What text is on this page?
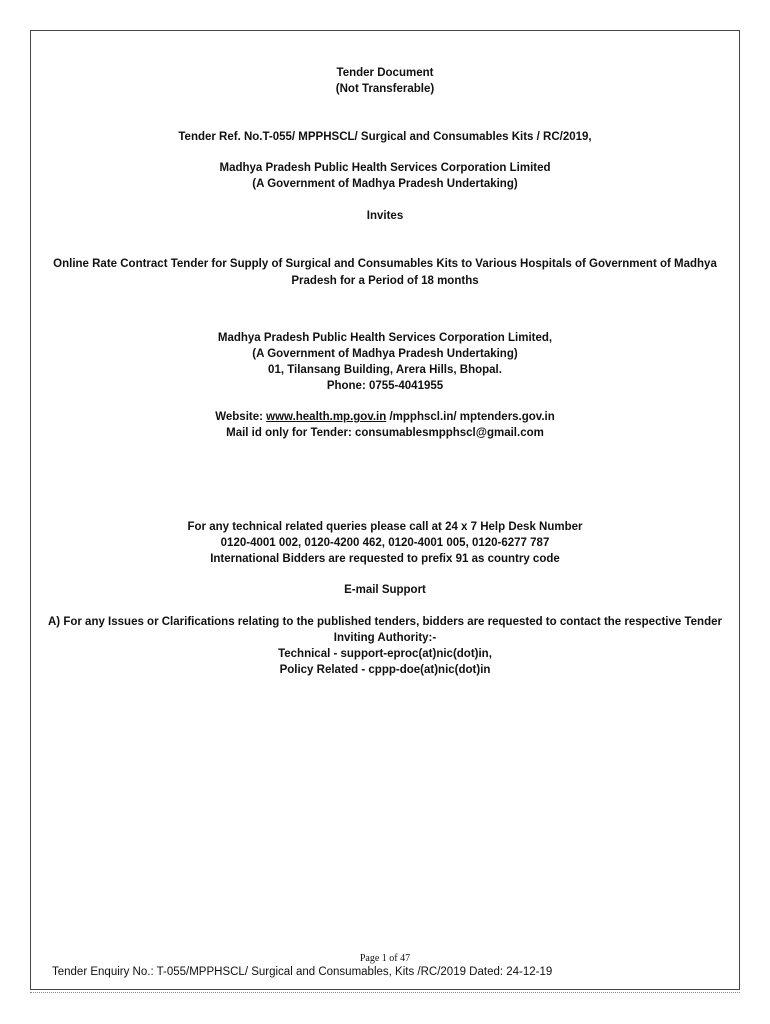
Tender Document
(Not Transferable)
Tender Ref. No.T-055/ MPPHSCL/ Surgical and Consumables Kits / RC/2019,
Madhya Pradesh Public Health Services Corporation Limited
(A Government of Madhya Pradesh Undertaking)
Invites
Online Rate Contract Tender for Supply of Surgical and Consumables Kits to Various Hospitals of Government of Madhya
Pradesh for a Period of 18 months
Madhya Pradesh Public Health Services Corporation Limited,
(A Government of Madhya Pradesh Undertaking)
01, Tilansang Building, Arera Hills, Bhopal.
Phone: 0755-4041955
Website: www.health.mp.gov.in /mpphscl.in/ mptenders.gov.in
Mail id only for Tender: consumablesmpphscl@gmail.com
For any technical related queries please call at 24 x 7 Help Desk Number
0120-4001 002, 0120-4200 462, 0120-4001 005, 0120-6277 787
International Bidders are requested to prefix 91 as country code
E-mail Support
A) For any Issues or Clarifications relating to the published tenders, bidders are requested to contact the respective Tender
Inviting Authority:-
Technical - support-eproc(at)nic(dot)in,
Policy Related - cppp-doe(at)nic(dot)in
Page 1 of 47
Tender Enquiry No.: T-055/MPPHSCL/ Surgical and Consumables, Kits /RC/2019 Dated: 24-12-19
